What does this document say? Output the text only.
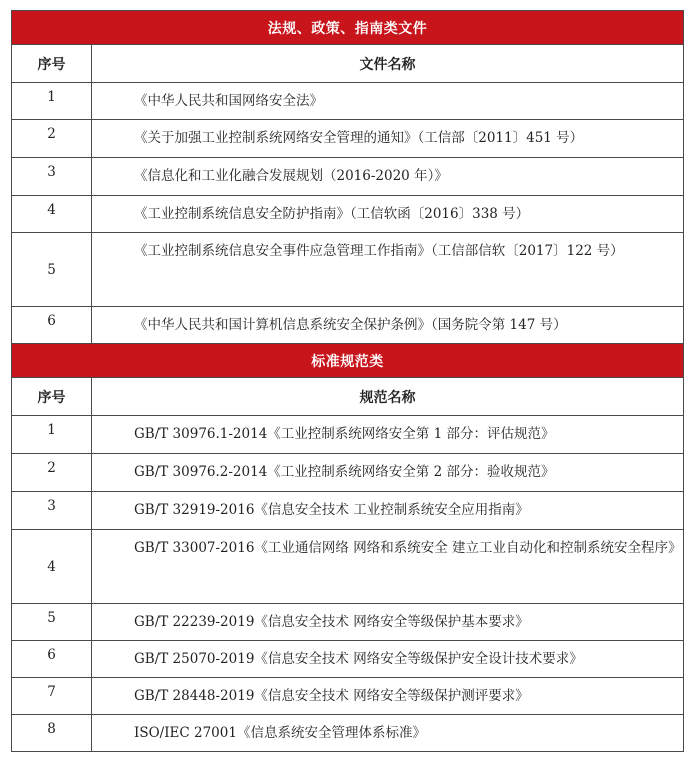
法规、政策、指南类文件	
序号	文件名称
1	《中华人民共和国网络安全法》
2	《关于加强工业控制系统网络安全管理的通知》（工信部〔2011〕451 号）
3	《信息化和工业化融合发展规划（2016-2020 年）》
4	《工业控制系统信息安全防护指南》（工信软函〔2016〕338 号）
5	《工业控制系统信息安全事件应急管理工作指南》（工信部信软〔2017〕122 号）
6	《中华人民共和国计算机信息系统安全保护条例》（国务院令第 147 号）
标准规范类	
序号	规范名称
1	GB/T 30976.1-2014《工业控制系统网络安全第 1 部分：评估规范》
2	GB/T 30976.2-2014《工业控制系统网络安全第 2 部分：验收规范》
3	GB/T 32919-2016《信息安全技术 工业控制系统安全应用指南》
4	GB/T 33007-2016《工业通信网络 网络和系统安全 建立工业自动化和控制系统安全程序》
5	GB/T 22239-2019《信息安全技术 网络安全等级保护基本要求》
6	GB/T 25070-2019《信息安全技术 网络安全等级保护安全设计技术要求》
7	GB/T 28448-2019《信息安全技术 网络安全等级保护测评要求》
8	ISO/IEC 27001《信息系统安全管理体系标准》
